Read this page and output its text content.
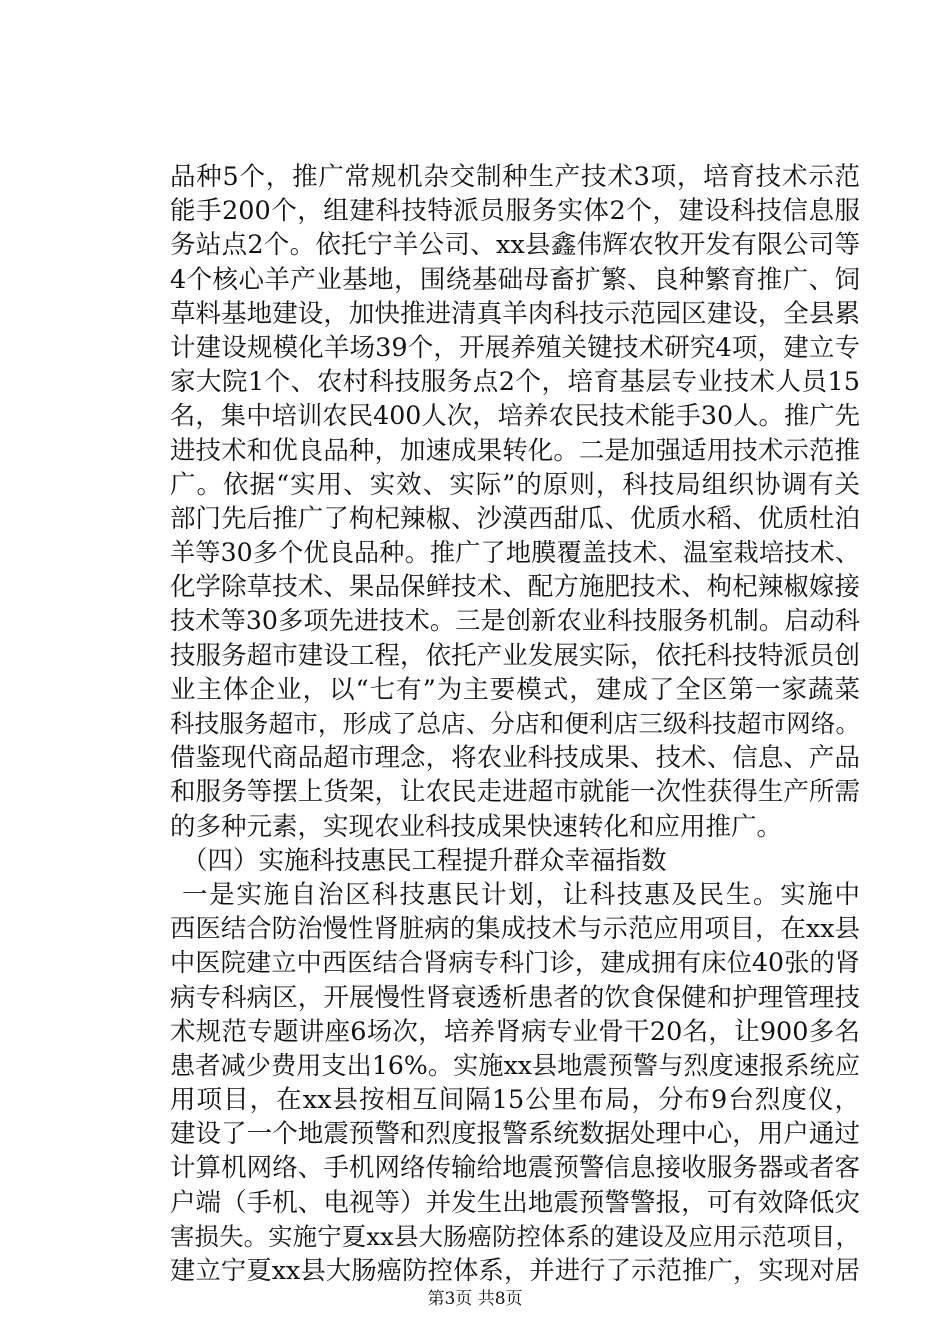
品种5个，推广常规机杂交制种生产技术3项，培育技术示范
能手200个，组建科技特派员服务实体2个，建设科技信息服
务站点2个。依托宁羊公司、xx县鑫伟辉农牧开发有限公司等
4个核心羊产业基地，围绕基础母畜扩繁、良种繁育推广、饲
草料基地建设，加快推进清真羊肉科技示范园区建设，全县累
计建设规模化羊场39个，开展养殖关键技术研究4项，建立专
家大院1个、农村科技服务点2个，培育基层专业技术人员15
名，集中培训农民400人次，培养农民技术能手30人。推广先
进技术和优良品种，加速成果转化。二是加强适用技术示范推
广。依据“实用、实效、实际”的原则，科技局组织协调有关
部门先后推广了枸杞辣椒、沙漠西甜瓜、优质水稻、优质杜泊
羊等30多个优良品种。推广了地膜覆盖技术、温室栽培技术、
化学除草技术、果品保鲜技术、配方施肥技术、枸杞辣椒嫁接
技术等30多项先进技术。三是创新农业科技服务机制。启动科
技服务超市建设工程，依托产业发展实际，依托科技特派员创
业主体企业，以“七有”为主要模式，建成了全区第一家蔬菜
科技服务超市，形成了总店、分店和便利店三级科技超市网络。
借鉴现代商品超市理念，将农业科技成果、技术、信息、产品
和服务等摆上货架，让农民走进超市就能一次性获得生产所需
的多种元素，实现农业科技成果快速转化和应用推广。
（四）实施科技惠民工程提升群众幸福指数
一是实施自治区科技惠民计划，让科技惠及民生。实施中
西医结合防治慢性肾脏病的集成技术与示范应用项目，在xx县
中医院建立中西医结合肾病专科门诊，建成拥有床位40张的肾
病专科病区，开展慢性肾衰透析患者的饮食保健和护理管理技
术规范专题讲座6场次，培养肾病专业骨干20名，让900多名
患者减少费用支出16%。实施xx县地震预警与烈度速报系统应
用项目，在xx县按相互间隔15公里布局，分布9台烈度仪，
建设了一个地震预警和烈度报警系统数据处理中心，用户通过
计算机网络、手机网络传输给地震预警信息接收服务器或者客
户端（手机、电视等）并发生出地震预警警报，可有效降低灾
害损失。实施宁夏xx县大肠癌防控体系的建设及应用示范项目，
建立宁夏xx县大肠癌防控体系，并进行了示范推广，实现对居
第3页 共8页
